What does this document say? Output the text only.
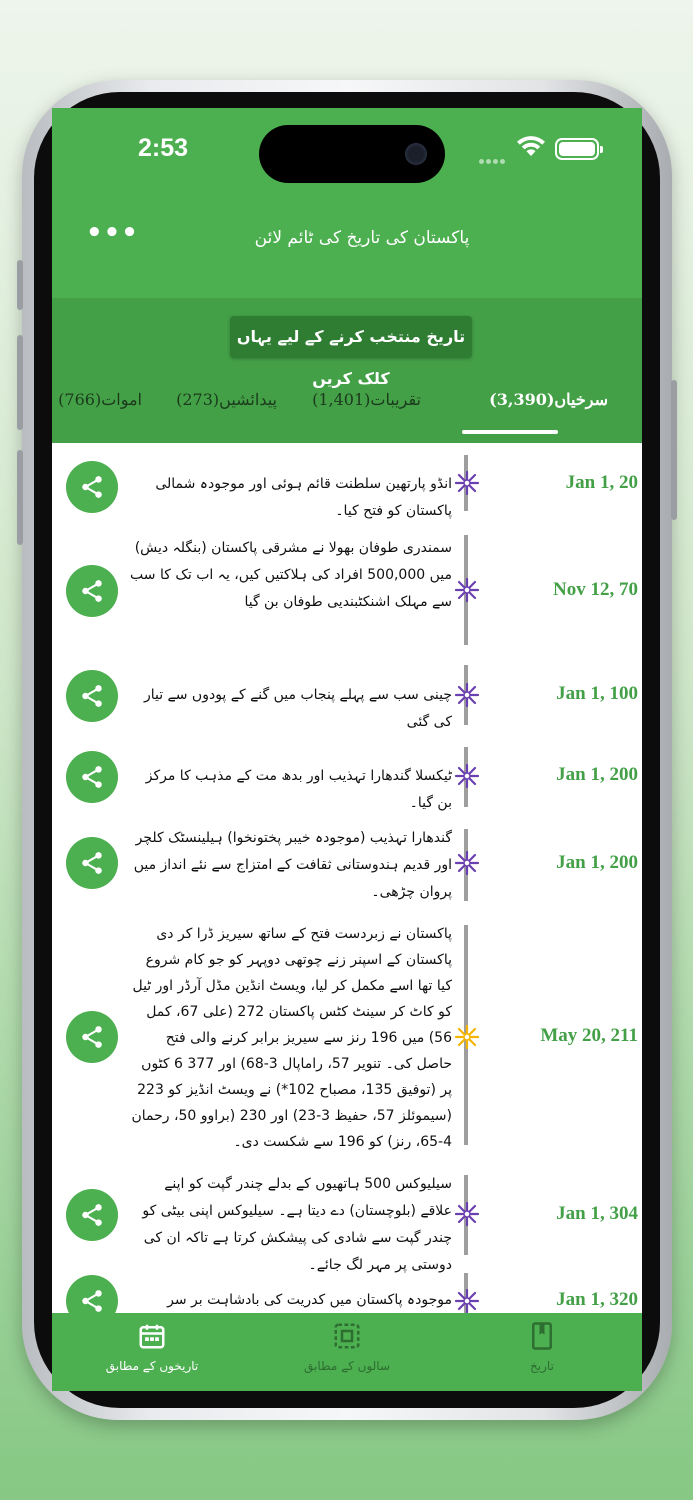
2:53
•••	پاکستان کی تاریخ کی ٹائم لائن
تاریخ منتخب کرنے کے لیے یہاں کلک کریں
سرخیاں(3,390)
تقریبات(1,401)
پیدائشیں(273)
اموات(766)
انڈو پارتھین سلطنت قائم ہوئی اور موجودہ شمالی پاکستان کو فتح کیا۔
Jan 1, 20
سمندری طوفان بھولا نے مشرقی پاکستان (بنگلہ دیش) میں 500,000 افراد کی ہلاکتیں کیں، یہ اب تک کا سب سے مہلک اشنکٹبندیی طوفان بن گیا
Nov 12, 70
چینی سب سے پہلے پنجاب میں گنے کے پودوں سے تیار کی گئی
Jan 1, 100
ٹیکسلا گندھارا تہذیب اور بدھ مت کے مذہب کا مرکز بن گیا۔
Jan 1, 200
گندھارا تہذیب (موجودہ خیبر پختونخوا) ہیلینسٹک کلچر اور قدیم ہندوستانی ثقافت کے امتزاج سے نئے انداز میں پروان چڑھی۔
Jan 1, 200
پاکستان نے زبردست فتح کے ساتھ سیریز ڈرا کر دی پاکستان کے اسپنر زنے چوتھی دوپہر کو جو کام شروع کیا تھا اسے مکمل کر لیا، ویسٹ انڈین مڈل آرڈر اور ٹیل کو کاٹ کر سینٹ کٹس پاکستان 272 (علی 67، کمل 56) میں 196 رنز سے سیریز برابر کرنے والی فتح حاصل کی۔ تنویر 57، راماپال 3-68) اور 377 6 کٹوں پر (توفیق 135، مصباح 102*) نے ویسٹ انڈیز کو 223 (سیموئلز 57، حفیظ 3-23) اور 230 (براوو 50، رحمان 4-65، رنز) کو 196 سے شکست دی۔
May 20, 211
سیلیوکس 500 ہاتھیوں کے بدلے چندر گپت کو اپنے علاقے (بلوچستان) دے دیتا ہے۔ سیلیوکس اپنی بیٹی کو چندر گپت سے شادی کی پیشکش کرتا ہے تاکہ ان کی دوستی پر مہر لگ جائے۔
Jan 1, 304
موجودہ پاکستان میں کدریت کی بادشاہت بر سر	Jan 1, 320
تاریخوں کے مطابق	سالوں کے مطابق	تاریخ
